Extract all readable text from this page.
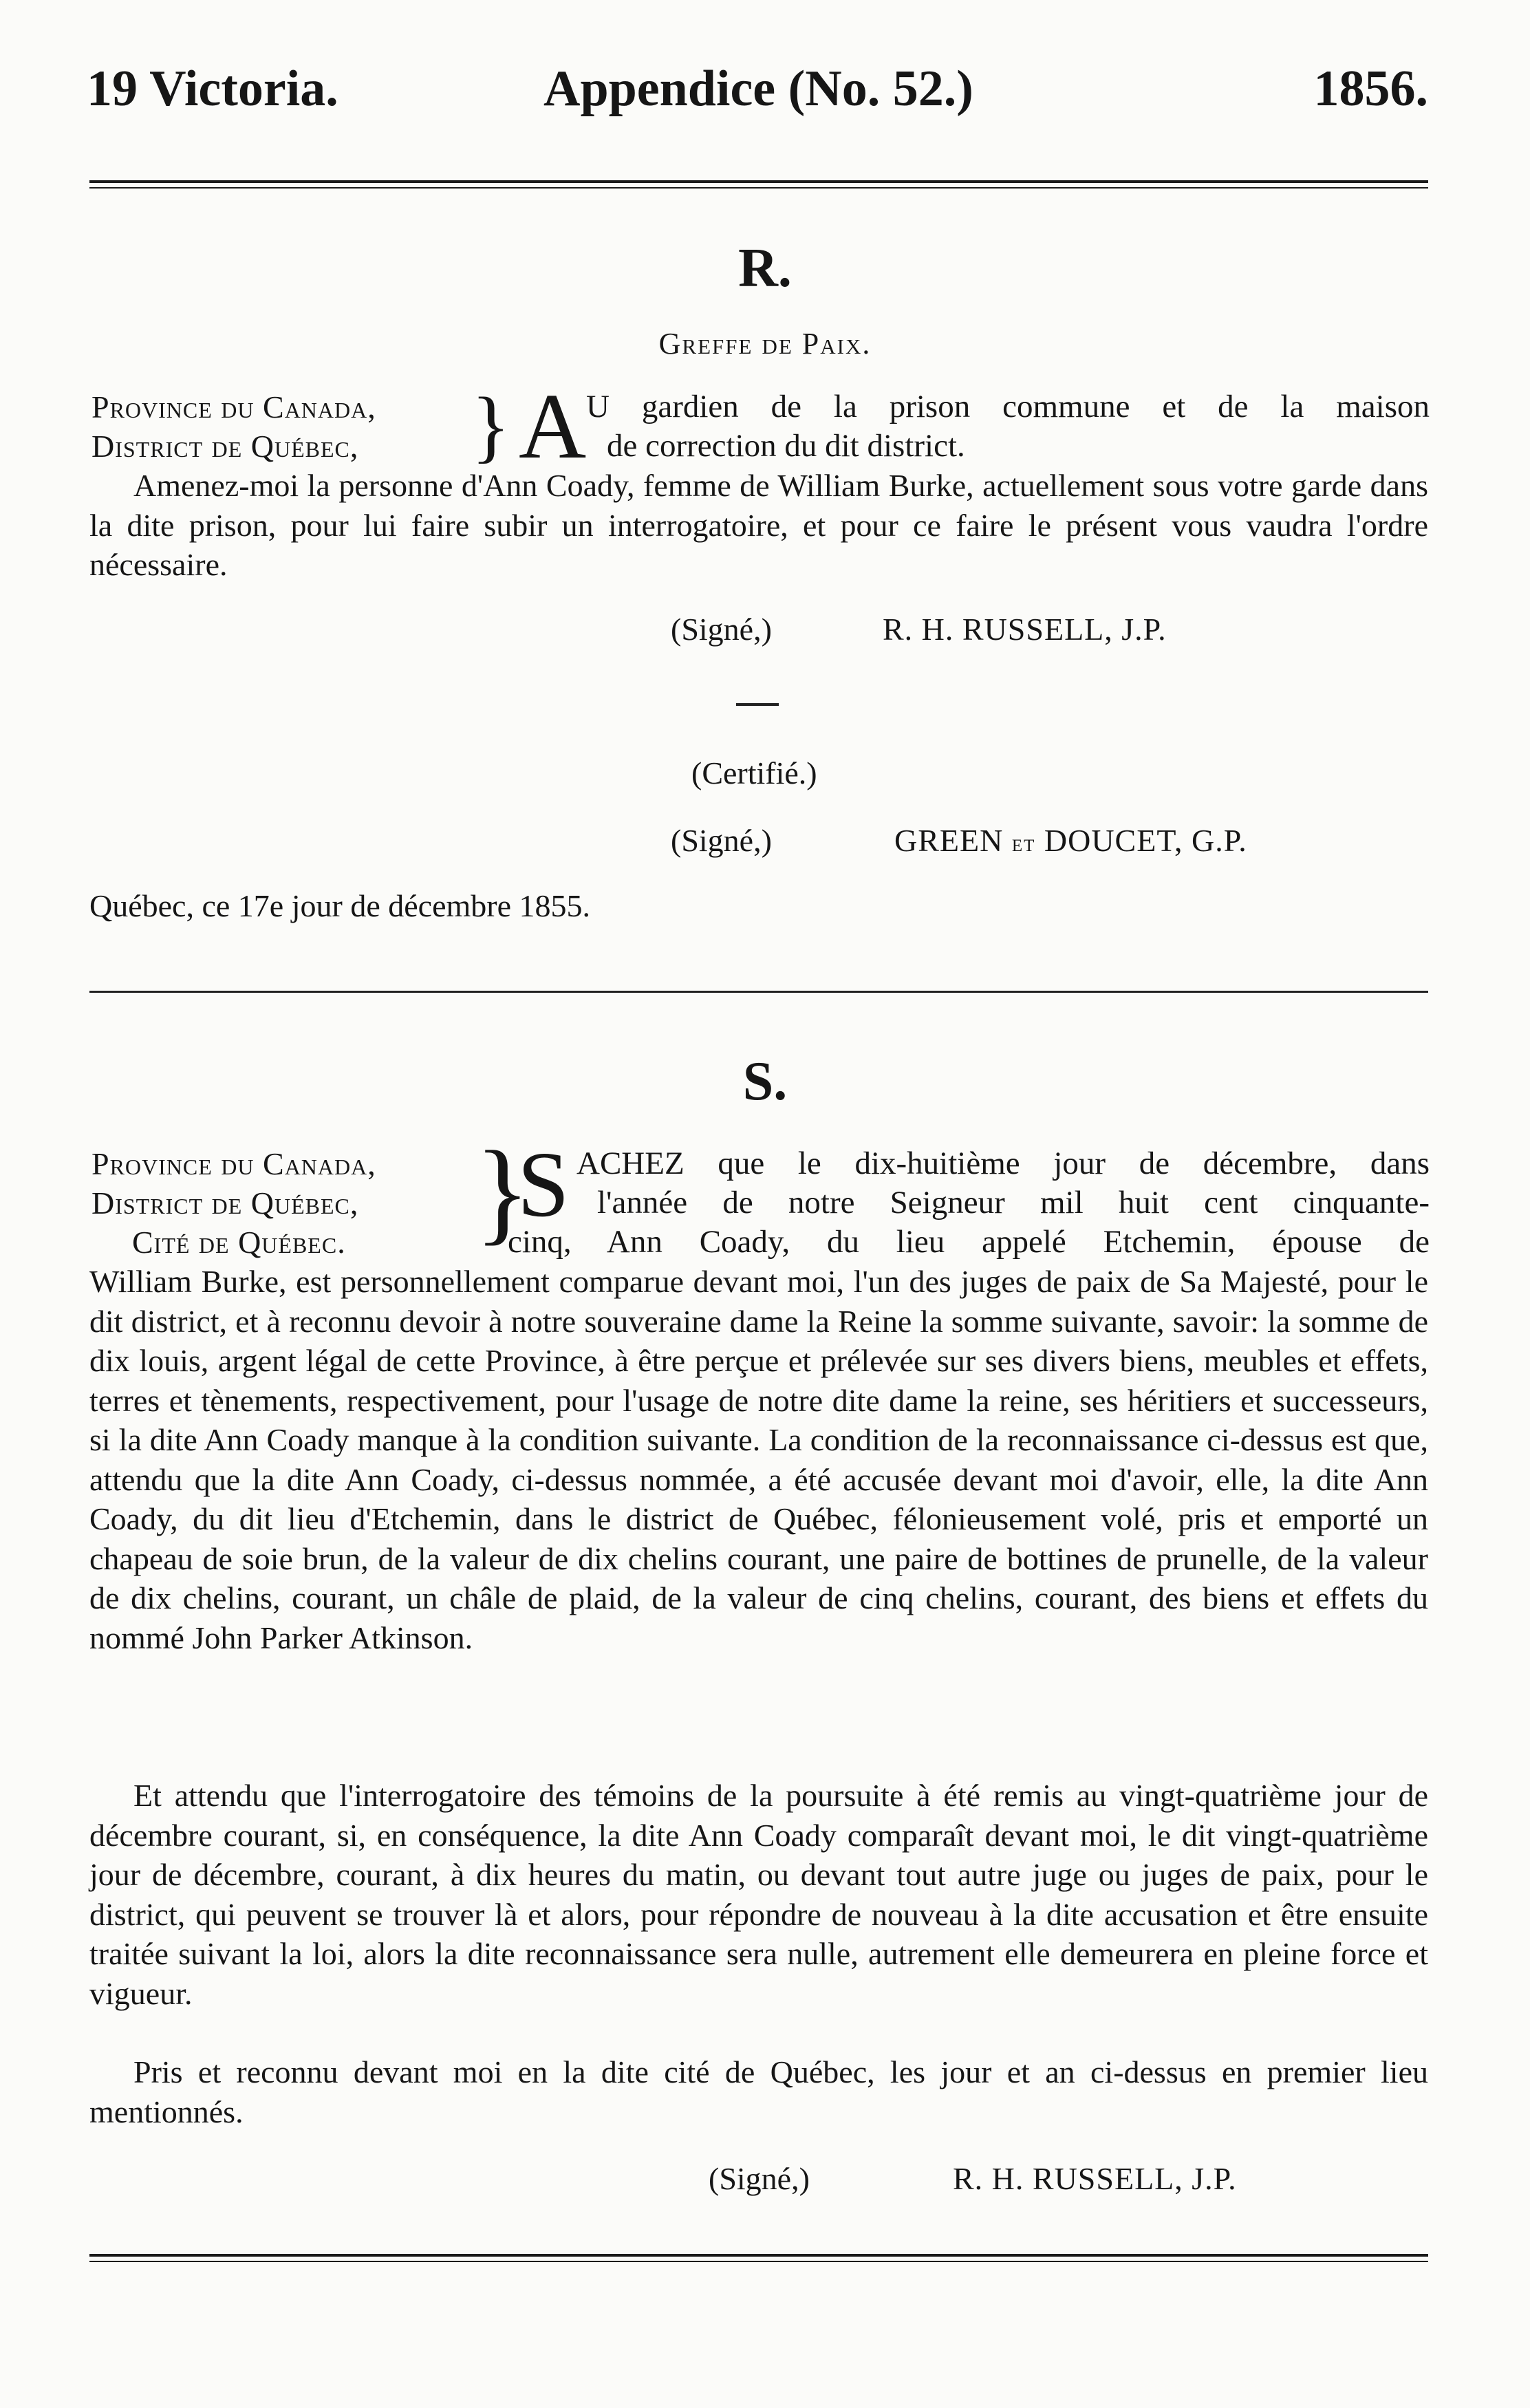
19 Victoria.	Appendice (No. 52.)	1856.
R.
Greffe de Paix.
Province du Canada,
District de Québec, } A U gardien de la prison commune et de la maison
de correction du dit district.

Amenez-moi la personne d'Ann Coady, femme de William Burke, actuellement sous votre garde dans la dite prison, pour lui faire subir un interrogatoire, et pour ce faire le présent vous vaudra l'ordre nécessaire.

(Signé,)	R. H. RUSSELL, J.P.
(Certifié.)
(Signé,)	GREEN et DOUCET, G.P.
Québec, ce 17e jour de décembre 1855.
S.
Province du Canada,
District de Québec,
Cité de Québec. }
S ACHEZ que le dix-huitième jour de décembre, dans
l'année de notre Seigneur mil huit cent cinquante-
cinq, Ann Coady, du lieu appelé Etchemin, épouse de

William Burke, est personnellement comparue devant moi, l'un des juges de paix de Sa Majesté, pour le dit district, et à reconnu devoir à notre souveraine dame la Reine la somme suivante, savoir: la somme de dix louis, argent légal de cette Province, à être perçue et prélevée sur ses divers biens, meubles et effets, terres et tènements, respectivement, pour l'usage de notre dite dame la reine, ses héritiers et successeurs, si la dite Ann Coady manque à la condition suivante. La condition de la reconnaissance ci-dessus est que, attendu que la dite Ann Coady, ci-dessus nommée, a été accusée devant moi d'avoir, elle, la dite Ann Coady, du dit lieu d'Etchemin, dans le district de Québec, félonieusement volé, pris et emporté un chapeau de soie brun, de la valeur de dix chelins courant, une paire de bottines de prunelle, de la valeur de dix chelins, courant, un châle de plaid, de la valeur de cinq chelins, courant, des biens et effets du nommé John Parker Atkinson.

Et attendu que l'interrogatoire des témoins de la poursuite à été remis au vingt-quatrième jour de décembre courant, si, en conséquence, la dite Ann Coady comparaît devant moi, le dit vingt-quatrième jour de décembre, courant, à dix heures du matin, ou devant tout autre juge ou juges de paix, pour le district, qui peuvent se trouver là et alors, pour répondre de nouveau à la dite accusation et être ensuite traitée suivant la loi, alors la dite reconnaissance sera nulle, autrement elle demeurera en pleine force et vigueur.

Pris et reconnu devant moi en la dite cité de Québec, les jour et an ci-dessus en premier lieu mentionnés.

(Signé,)	R. H. RUSSELL, J.P.
